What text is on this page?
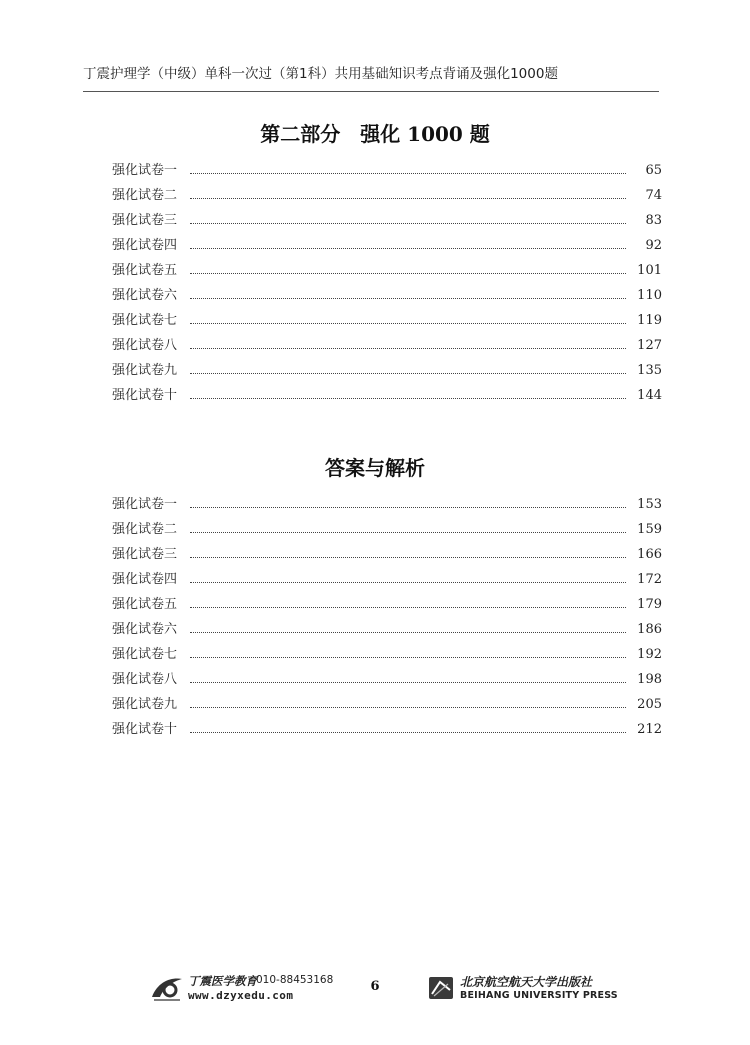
丁震护理学（中级）单科一次过（第1科）共用基础知识考点背诵及强化1000题
第二部分　强化 1000 题
强化试卷一	65
强化试卷二	74
强化试卷三	83
强化试卷四	92
强化试卷五	101
强化试卷六	110
强化试卷七	119
强化试卷八	127
强化试卷九	135
强化试卷十	144
答案与解析
强化试卷一	153
强化试卷二	159
强化试卷三	166
强化试卷四	172
强化试卷五	179
强化试卷六	186
强化试卷七	192
强化试卷八	198
强化试卷九	205
强化试卷十	212
丁震医学教育 010-88453168
www.dzyxedu.com
6	北京航空航天大学出版社
BEIHANG UNIVERSITY PRESS
